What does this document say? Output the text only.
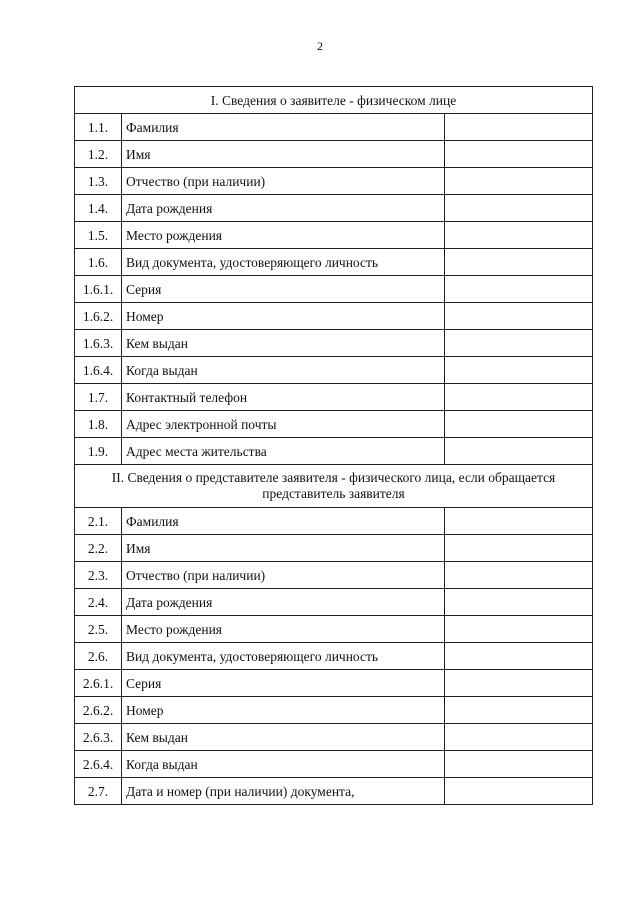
2
I. Сведения о заявителе - физическом лице		
1.1.	Фамилия	
1.2.	Имя	
1.3.	Отчество (при наличии)	
1.4.	Дата рождения	
1.5.	Место рождения	
1.6.	Вид документа, удостоверяющего личность	
1.6.1.	Серия	
1.6.2.	Номер	
1.6.3.	Кем выдан	
1.6.4.	Когда выдан	
1.7.	Контактный телефон	
1.8.	Адрес электронной почты	
1.9.	Адрес места жительства	
II. Сведения о представителе заявителя - физического лица, если обращается представитель заявителя		
2.1.	Фамилия	
2.2.	Имя	
2.3.	Отчество (при наличии)	
2.4.	Дата рождения	
2.5.	Место рождения	
2.6.	Вид документа, удостоверяющего личность	
2.6.1.	Серия	
2.6.2.	Номер	
2.6.3.	Кем выдан	
2.6.4.	Когда выдан	
2.7.	Дата и номер (при наличии) документа,	
